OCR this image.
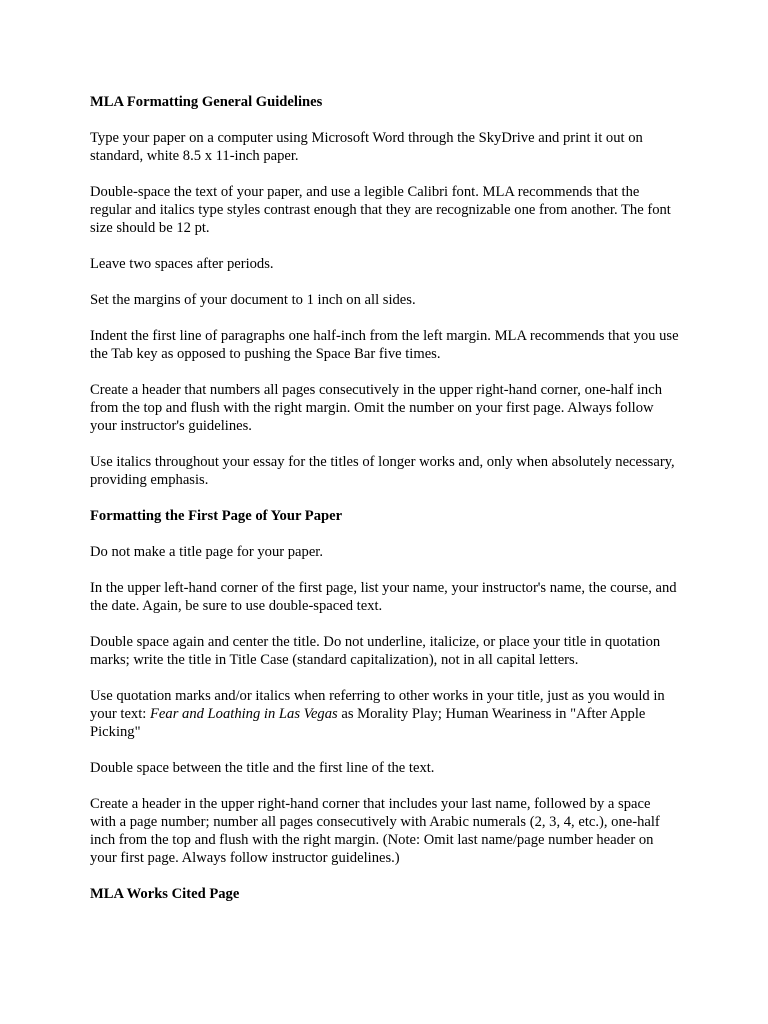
MLA Formatting General Guidelines

Type your paper on a computer using Microsoft Word through the SkyDrive and print it out on standard, white 8.5 x 11-inch paper.

Double-space the text of your paper, and use a legible Calibri font. MLA recommends that the regular and italics type styles contrast enough that they are recognizable one from another. The font size should be 12 pt.

Leave two spaces after periods.

Set the margins of your document to 1 inch on all sides.

Indent the first line of paragraphs one half-inch from the left margin. MLA recommends that you use the Tab key as opposed to pushing the Space Bar five times.

Create a header that numbers all pages consecutively in the upper right-hand corner, one-half inch from the top and flush with the right margin. Omit the number on your first page. Always follow your instructor's guidelines.

Use italics throughout your essay for the titles of longer works and, only when absolutely necessary, providing emphasis.

Formatting the First Page of Your Paper

Do not make a title page for your paper.

In the upper left-hand corner of the first page, list your name, your instructor's name, the course, and the date. Again, be sure to use double-spaced text.

Double space again and center the title. Do not underline, italicize, or place your title in quotation marks; write the title in Title Case (standard capitalization), not in all capital letters.

Use quotation marks and/or italics when referring to other works in your title, just as you would in your text: Fear and Loathing in Las Vegas as Morality Play; Human Weariness in "After Apple Picking"

Double space between the title and the first line of the text.

Create a header in the upper right-hand corner that includes your last name, followed by a space with a page number; number all pages consecutively with Arabic numerals (2, 3, 4, etc.), one-half inch from the top and flush with the right margin. (Note: Omit last name/page number header on your first page. Always follow instructor guidelines.)

MLA Works Cited Page
